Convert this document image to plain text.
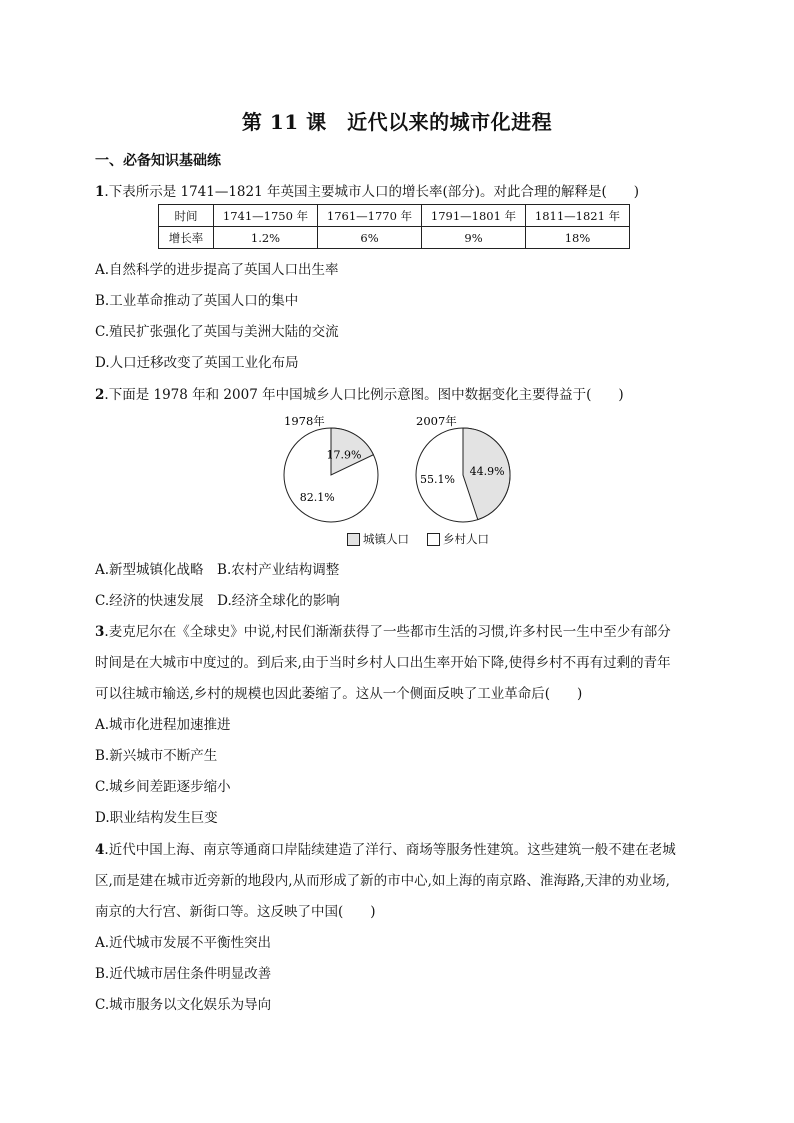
第 11 课　近代以来的城市化进程
一、必备知识基础练
1.下表所示是 1741—1821 年英国主要城市人口的增长率(部分)。对此合理的解释是(　　)
时间	1741—1750 年	1761—1770 年	1791—1801 年	1811—1821 年
增长率	1.2%	6%	9%	18%
A.自然科学的进步提高了英国人口出生率
B.工业革命推动了英国人口的集中
C.殖民扩张强化了英国与美洲大陆的交流
D.人口迁移改变了英国工业化布局
2.下面是 1978 年和 2007 年中国城乡人口比例示意图。图中数据变化主要得益于(　　)
1978年
17.9%
82.1%
2007年
44.9%
55.1%
城镇人口	乡村人口
A.新型城镇化战略　B.农村产业结构调整
C.经济的快速发展　D.经济全球化的影响
3.麦克尼尔在《全球史》中说,村民们渐渐获得了一些都市生活的习惯,许多村民一生中至少有部分
时间是在大城市中度过的。到后来,由于当时乡村人口出生率开始下降,使得乡村不再有过剩的青年
可以往城市输送,乡村的规模也因此萎缩了。这从一个侧面反映了工业革命后(　　)
A.城市化进程加速推进
B.新兴城市不断产生
C.城乡间差距逐步缩小
D.职业结构发生巨变
4.近代中国上海、南京等通商口岸陆续建造了洋行、商场等服务性建筑。这些建筑一般不建在老城
区,而是建在城市近旁新的地段内,从而形成了新的市中心,如上海的南京路、淮海路,天津的劝业场,
南京的大行宫、新街口等。这反映了中国(　　)
A.近代城市发展不平衡性突出
B.近代城市居住条件明显改善
C.城市服务以文化娱乐为导向
